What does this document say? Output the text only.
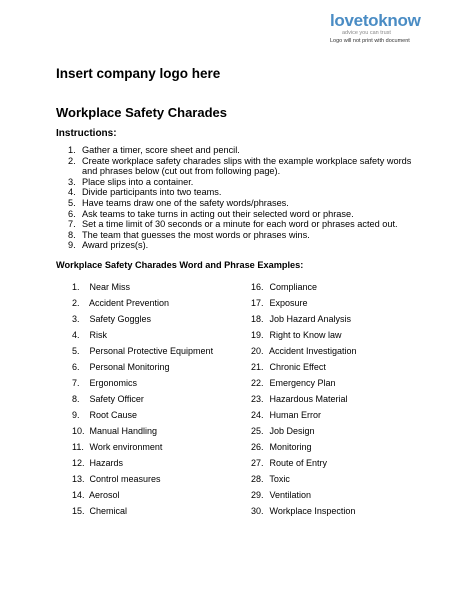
lovetoknow
advice you can trust
Logo will not print with document
Insert company logo here
Workplace Safety Charades
Instructions:
1. Gather a timer, score sheet and pencil.
2. Create workplace safety charades slips with the example workplace safety words and phrases below (cut out from following page).
3. Place slips into a container.
4. Divide participants into two teams.
5. Have teams draw one of the safety words/phrases.
6. Ask teams to take turns in acting out their selected word or phrase.
7. Set a time limit of 30 seconds or a minute for each word or phrases acted out.
8. The team that guesses the most words or phrases wins.
9. Award prizes(s).
Workplace Safety Charades Word and Phrase Examples:
1. Near Miss
2. Accident Prevention
3. Safety Goggles
4. Risk
5. Personal Protective Equipment
6. Personal Monitoring
7. Ergonomics
8. Safety Officer
9. Root Cause
10. Manual Handling
11. Work environment
12. Hazards
13. Control measures
14. Aerosol
15. Chemical
16. Compliance
17. Exposure
18. Job Hazard Analysis
19. Right to Know law
20. Accident Investigation
21. Chronic Effect
22. Emergency Plan
23. Hazardous Material
24. Human Error
25. Job Design
26. Monitoring
27. Route of Entry
28. Toxic
29. Ventilation
30. Workplace Inspection
